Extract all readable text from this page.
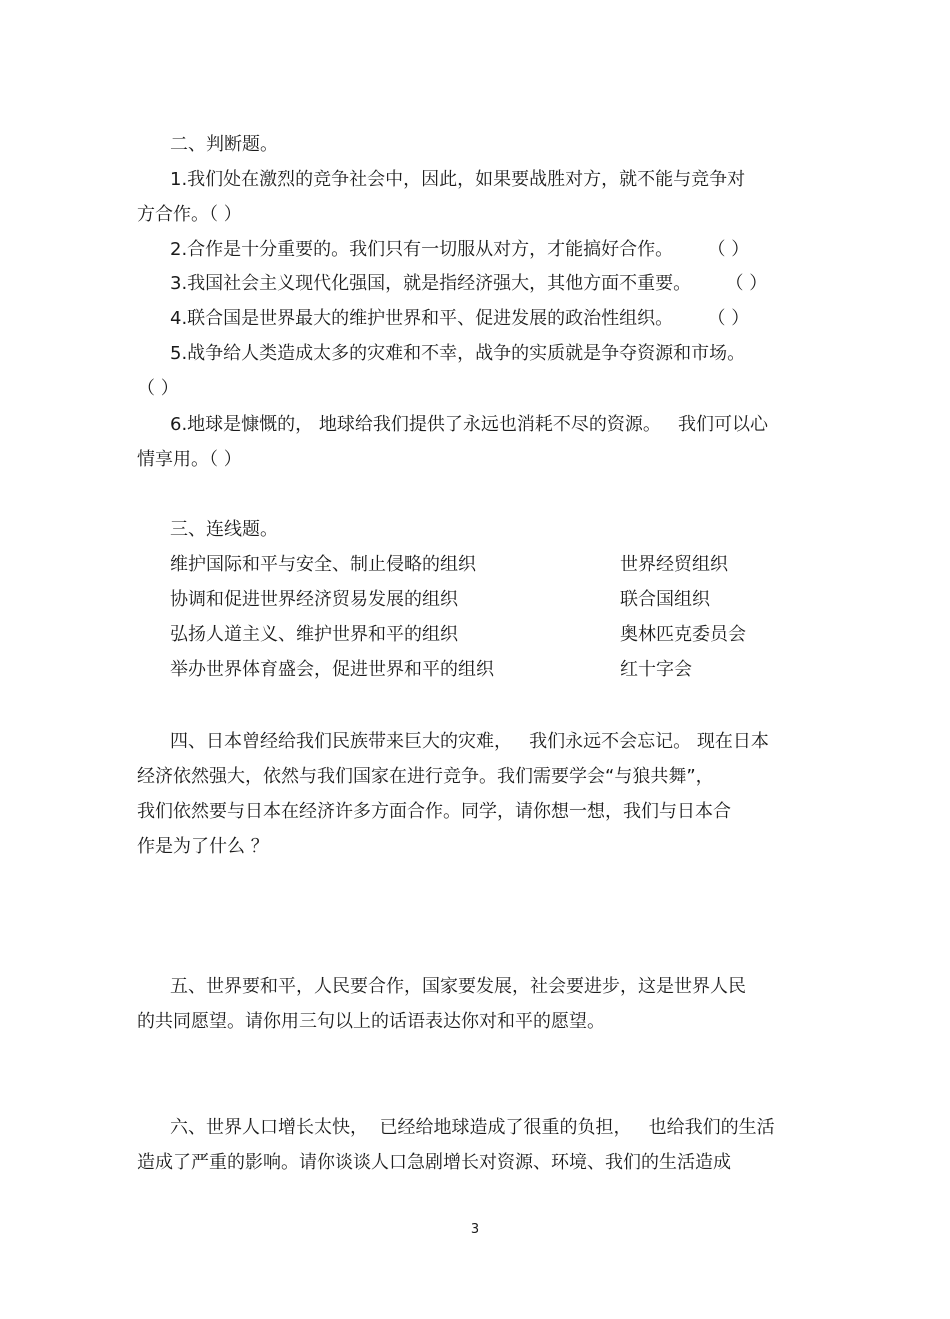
二、判断题。
1.我们处在激烈的竞争社会中，因此，如果要战胜对方，就不能与竞争对
方合作。（ ）
2.合作是十分重要的。我们只有一切服从对方，才能搞好合作。      （ ）
3.我国社会主义现代化强国，就是指经济强大，其他方面不重要。      （ ）
4.联合国是世界最大的维护世界和平、促进发展的政治性组织。      （ ）
5.战争给人类造成太多的灾难和不幸，战争的实质就是争夺资源和市场。
（ ）
6.地球是慷慨的， 地球给我们提供了永远也消耗不尽的资源。   我们可以心
情享用。（ ）
三、连线题。
维护国际和平与安全、制止侵略的组织	世界经贸组织
协调和促进世界经济贸易发展的组织	联合国组织
弘扬人道主义、维护世界和平的组织	奥林匹克委员会
举办世界体育盛会，促进世界和平的组织	红十字会
四、日本曾经给我们民族带来巨大的灾难，   我们永远不会忘记。 现在日本
经济依然强大，依然与我们国家在进行竞争。我们需要学会“与狼共舞”，
我们依然要与日本在经济许多方面合作。同学，请你想一想，我们与日本合
作是为了什么 ？
五、世界要和平，人民要合作，国家要发展，社会要进步，这是世界人民
的共同愿望。请你用三句以上的话语表达你对和平的愿望。
六、世界人口增长太快，  已经给地球造成了很重的负担，   也给我们的生活
造成了严重的影响。请你谈谈人口急剧增长对资源、环境、我们的生活造成
3
